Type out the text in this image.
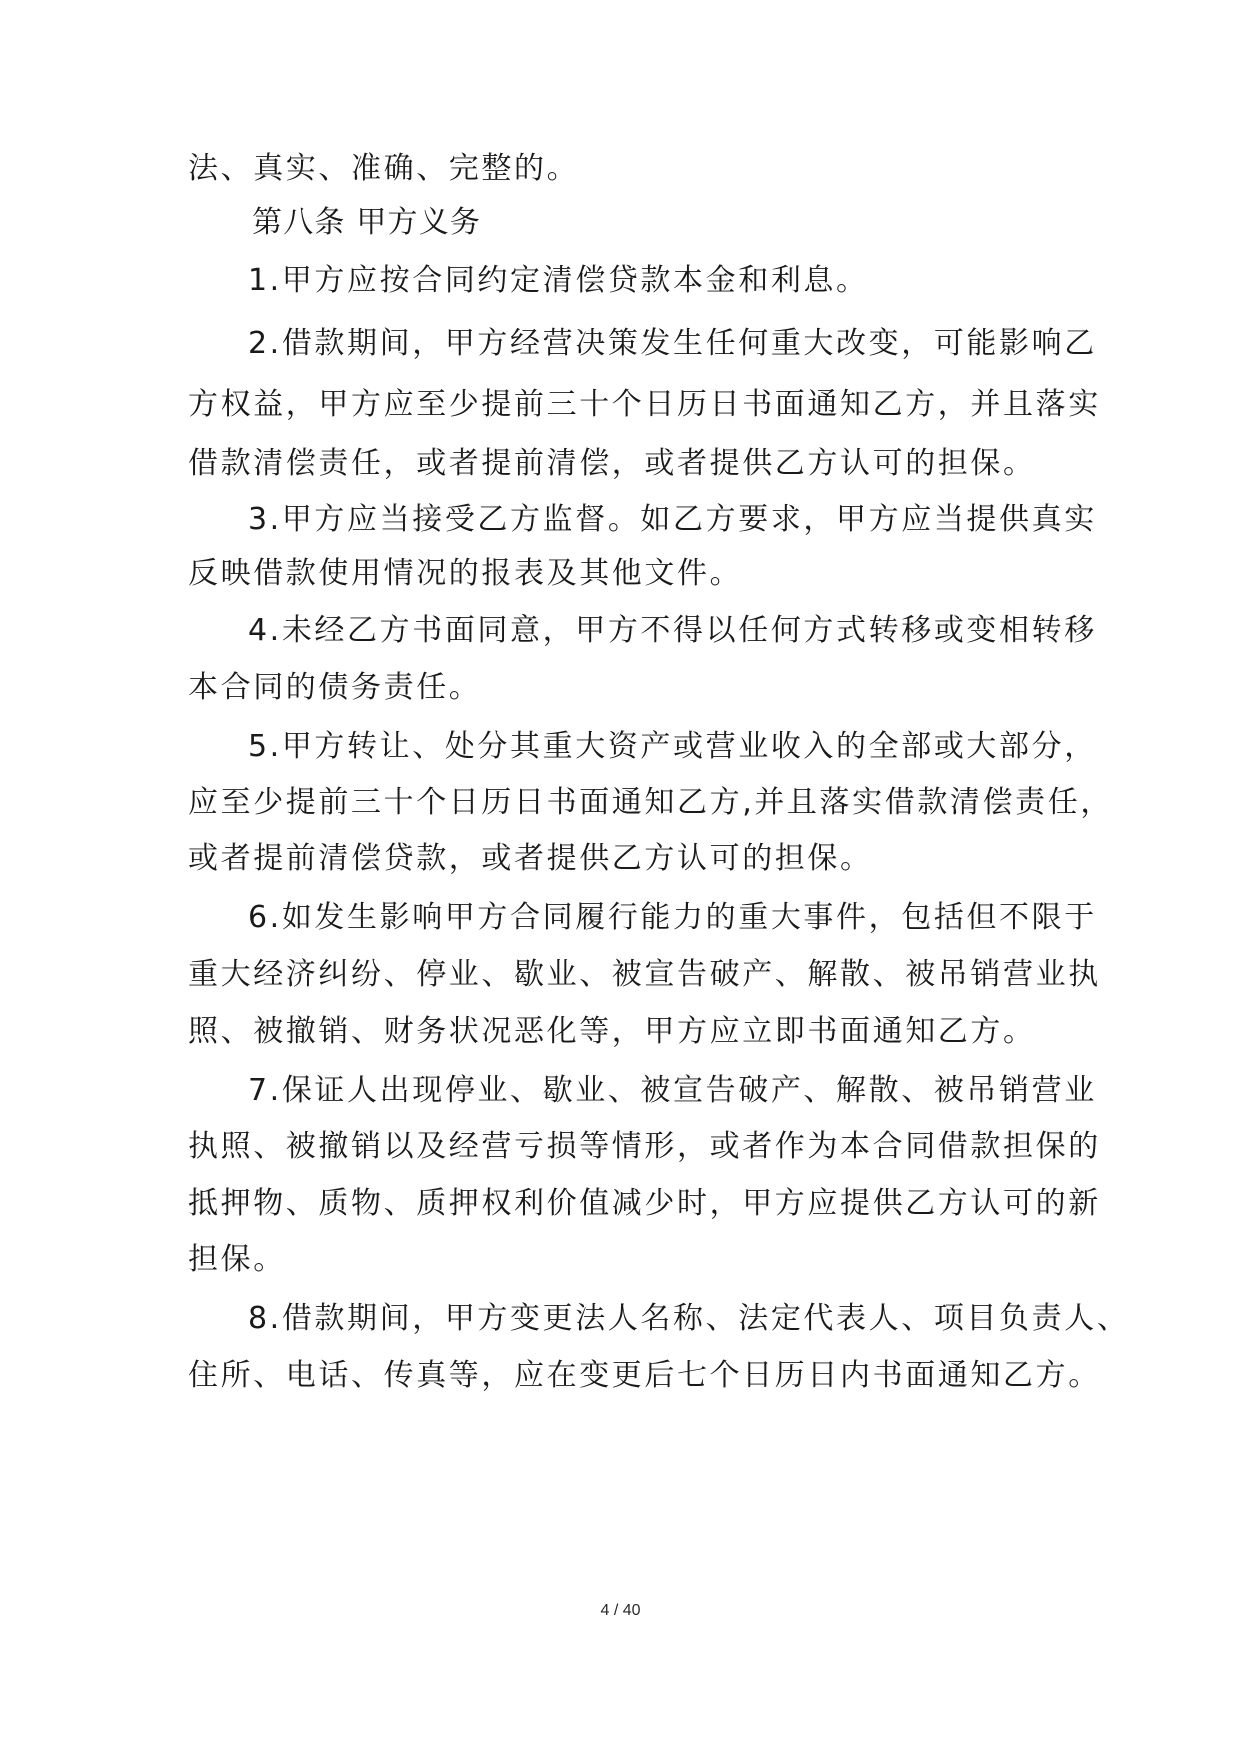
法、真实、准确、完整的。
第八条 甲方义务
1.甲方应按合同约定清偿贷款本金和利息。
2.借款期间，甲方经营决策发生任何重大改变，可能影响乙
方权益，甲方应至少提前三十个日历日书面通知乙方，并且落实
借款清偿责任，或者提前清偿，或者提供乙方认可的担保。
3.甲方应当接受乙方监督。如乙方要求，甲方应当提供真实
反映借款使用情况的报表及其他文件。
4.未经乙方书面同意，甲方不得以任何方式转移或变相转移
本合同的债务责任。
5.甲方转让、处分其重大资产或营业收入的全部或大部分，
应至少提前三十个日历日书面通知乙方,并且落实借款清偿责任，
或者提前清偿贷款，或者提供乙方认可的担保。
6.如发生影响甲方合同履行能力的重大事件，包括但不限于
重大经济纠纷、停业、歇业、被宣告破产、解散、被吊销营业执
照、被撤销、财务状况恶化等，甲方应立即书面通知乙方。
7.保证人出现停业、歇业、被宣告破产、解散、被吊销营业
执照、被撤销以及经营亏损等情形，或者作为本合同借款担保的
抵押物、质物、质押权利价值减少时，甲方应提供乙方认可的新
担保。
8.借款期间，甲方变更法人名称、法定代表人、项目负责人、
住所、电话、传真等，应在变更后七个日历日内书面通知乙方。
4 / 40
